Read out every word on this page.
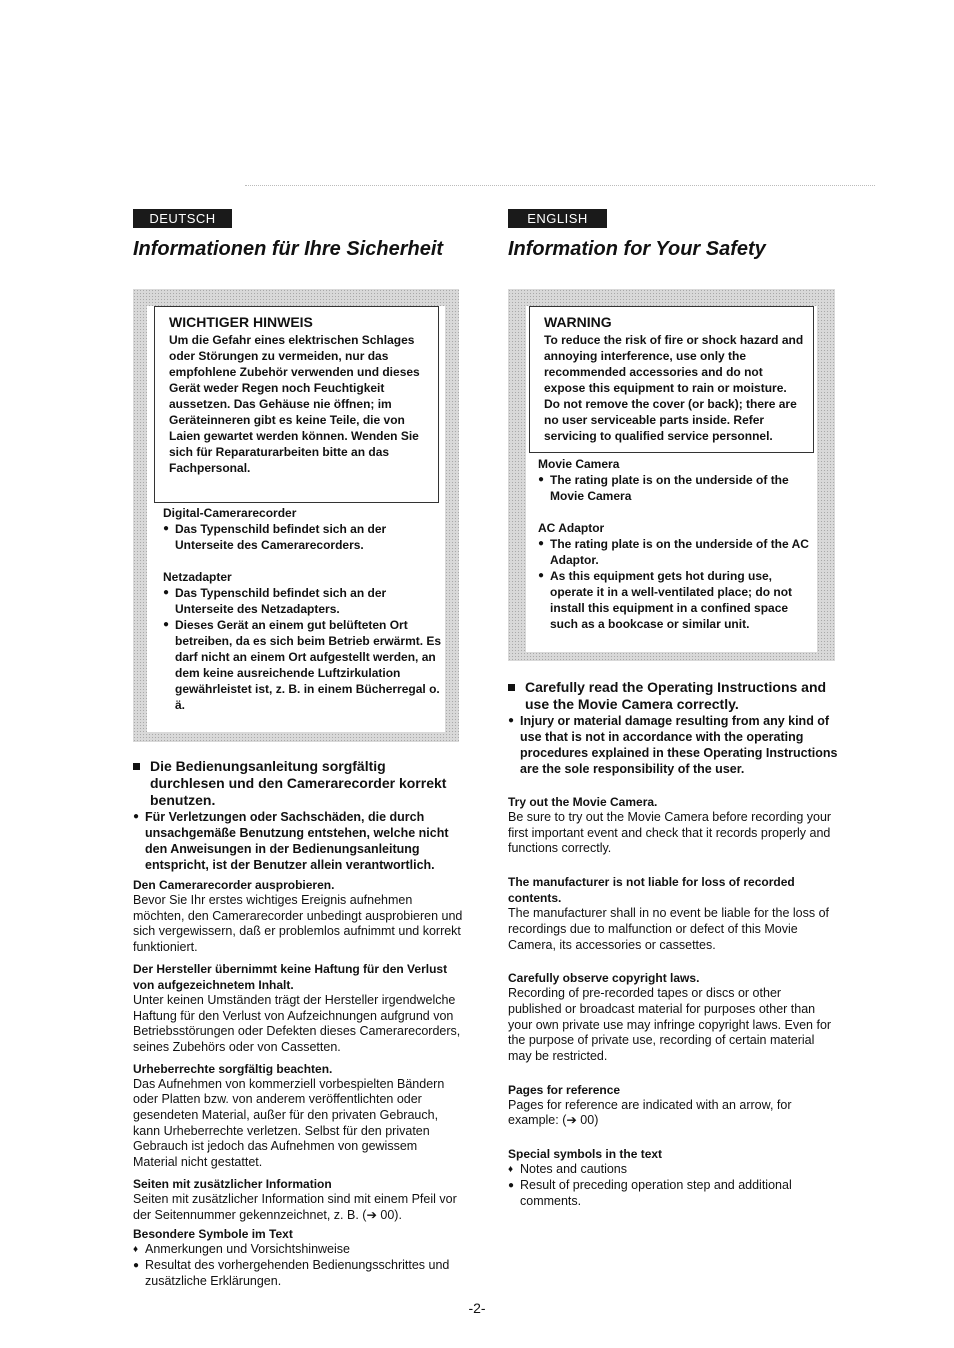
DEUTSCH	ENGLISH
Informationen für Ihre Sicherheit	Information for Your Safety
WICHTIGER HINWEIS

Um die Gefahr eines elektrischen Schlages oder Störungen zu vermeiden, nur das empfohlene Zubehör verwenden und dieses Gerät weder Regen noch Feuchtigkeit aussetzen. Das Gehäuse nie öffnen; im Geräteinneren gibt es keine Teile, die von Laien gewartet werden können. Wenden Sie sich für Reparaturarbeiten bitte an das Fachpersonal.

Digital-Camerarecorder

● Das Typenschild befindet sich an der Unterseite des Camerarecorders.

Netzadapter

● Das Typenschild befindet sich an der Unterseite des Netzadapters.
● Dieses Gerät an einem gut belüfteten Ort betreiben, da es sich beim Betrieb erwärmt. Es darf nicht an einem Ort aufgestellt werden, an dem keine ausreichende Luftzirkulation gewährleistet ist, z. B. in einem Bücherregal o. ä.
WARNING

To reduce the risk of fire or shock hazard and annoying interference, use only the recommended accessories and do not expose this equipment to rain or moisture. Do not remove the cover (or back); there are no user serviceable parts inside. Refer servicing to qualified service personnel.

Movie Camera

● The rating plate is on the underside of the Movie Camera

AC Adaptor

● The rating plate is on the underside of the AC Adaptor.
● As this equipment gets hot during use, operate it in a well-ventilated place; do not install this equipment in a confined space such as a bookcase or similar unit.

Die Bedienungsanleitung sorgfältig durchlesen und den Camerarecorder korrekt benutzen.

● Für Verletzungen oder Sachschäden, die durch unsachgemäße Benutzung entstehen, welche nicht den Anweisungen in der Bedienungsanleitung entspricht, ist der Benutzer allein verantwortlich.

Den Camerarecorder ausprobieren.

Bevor Sie Ihr erstes wichtiges Ereignis aufnehmen möchten, den Camerarecorder unbedingt ausprobieren und sich vergewissern, daß er problemlos aufnimmt und korrekt funktioniert.

Der Hersteller übernimmt keine Haftung für den Verlust von aufgezeichnetem Inhalt.

Unter keinen Umständen trägt der Hersteller irgendwelche Haftung für den Verlust von Aufzeichnungen aufgrund von Betriebsstörungen oder Defekten dieses Camerarecorders, seines Zubehörs oder von Cassetten.

Urheberrechte sorgfältig beachten.

Das Aufnehmen von kommerziell vorbespielten Bändern oder Platten bzw. von anderem veröffentlichten oder gesendeten Material, außer für den privaten Gebrauch, kann Urheberrechte verletzen. Selbst für den privaten Gebrauch ist jedoch das Aufnehmen von gewissem Material nicht gestattet.

Seiten mit zusätzlicher Information

Seiten mit zusätzlicher Information sind mit einem Pfeil vor der Seitennummer gekennzeichnet, z. B. (➔ 00).

Besondere Symbole im Text

♦ Anmerkungen und Vorsichtshinweise
● Resultat des vorhergehenden Bedienungsschrittes und zusätzliche Erklärungen.

Carefully read the Operating Instructions and use the Movie Camera correctly.

● Injury or material damage resulting from any kind of use that is not in accordance with the operating procedures explained in these Operating Instructions are the sole responsibility of the user.

Try out the Movie Camera.

Be sure to try out the Movie Camera before recording your first important event and check that it records properly and functions correctly.

The manufacturer is not liable for loss of recorded contents.

The manufacturer shall in no event be liable for the loss of recordings due to malfunction or defect of this Movie Camera, its accessories or cassettes.

Carefully observe copyright laws.

Recording of pre-recorded tapes or discs or other published or broadcast material for purposes other than your own private use may infringe copyright laws. Even for the purpose of private use, recording of certain material may be restricted.

Pages for reference

Pages for reference are indicated with an arrow, for example: (➔ 00)

Special symbols in the text

♦ Notes and cautions
● Result of preceding operation step and additional comments.
-2-
